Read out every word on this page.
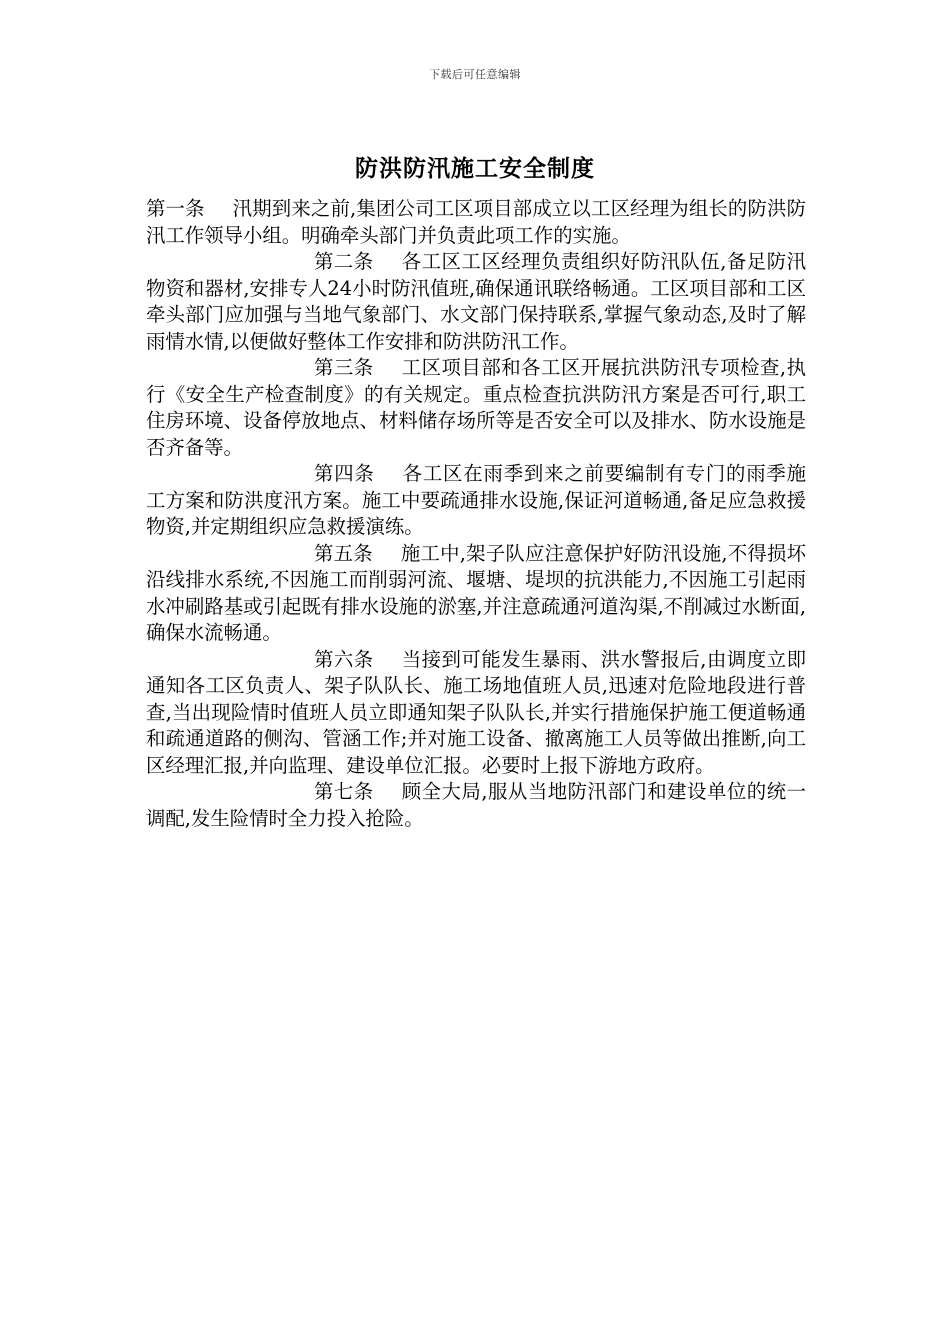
下载后可任意编辑
防洪防汛施工安全制度

第一条 汛期到来之前,集团公司工区项目部成立以工区经理为组长的防洪防汛工作领导小组。明确牵头部门并负责此项工作的实施。

第二条 各工区工区经理负责组织好防汛队伍,备足防汛物资和器材,安排专人24小时防汛值班,确保通讯联络畅通。工区项目部和工区牵头部门应加强与当地气象部门、水文部门保持联系,掌握气象动态,及时了解雨情水情,以便做好整体工作安排和防洪防汛工作。

第三条 工区项目部和各工区开展抗洪防汛专项检查,执行《安全生产检查制度》的有关规定。重点检查抗洪防汛方案是否可行,职工住房环境、设备停放地点、材料储存场所等是否安全可以及排水、防水设施是否齐备等。

第四条 各工区在雨季到来之前要编制有专门的雨季施工方案和防洪度汛方案。施工中要疏通排水设施,保证河道畅通,备足应急救援物资,并定期组织应急救援演练。

第五条 施工中,架子队应注意保护好防汛设施,不得损坏沿线排水系统,不因施工而削弱河流、堰塘、堤坝的抗洪能力,不因施工引起雨水冲刷路基或引起既有排水设施的淤塞,并注意疏通河道沟渠,不削减过水断面,确保水流畅通。

第六条 当接到可能发生暴雨、洪水警报后,由调度立即通知各工区负责人、架子队队长、施工场地值班人员,迅速对危险地段进行普查,当出现险情时值班人员立即通知架子队队长,并实行措施保护施工便道畅通和疏通道路的侧沟、管涵工作;并对施工设备、撤离施工人员等做出推断,向工区经理汇报,并向监理、建设单位汇报。必要时上报下游地方政府。

第七条 顾全大局,服从当地防汛部门和建设单位的统一调配,发生险情时全力投入抢险。
